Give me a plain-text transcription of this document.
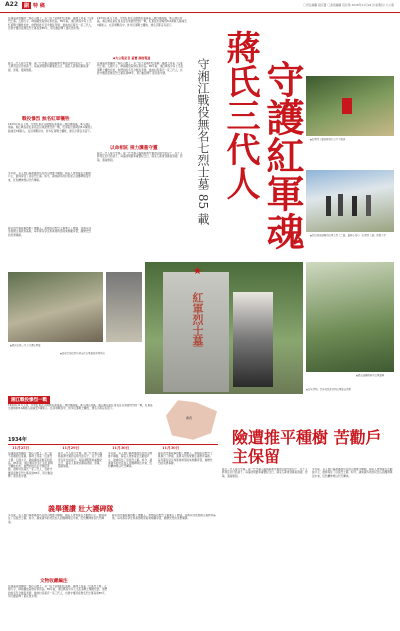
A22	副 特 稿	〇責任編輯 趙宗寶 〇美術編輯 莊民榮 2018年11月22日(星期四) 大公報
在湖南省道縣的一個小山坡上，有一座不起眼的紅軍墓。墓碑上刻着「紅軍烈士墓」五個大字，碑前擺放着鮮花和祭品。85年前，湘江戰役中有七名紅軍戰士犧牲於此，他們的姓名至今無從考證。當地村民蔣氏一家三代人，自發守護這座無名烈士墓長達85年，用行動詮釋了軍民魚水情。
1934年11月下旬，中央紅軍在突破國民黨軍第三道封鎖線後，進入湘江地區。湘江戰役是紅軍長征以來最慘烈的一戰，紅軍從出發時的8.6萬餘人銳減至3萬餘人。在這場戰役中，許多紅軍戰士犧牲，連名字都沒有留下。
◆大公報記者 黃寶 湖南報道
蔣氏三代人接力守墓。第一代守墓人臨終前將守墓的任務交給兒子，兒子又將責任託付給孫子。每逢清明節和重要紀念日，蔣家人都會到墓前清掃、祭奠，風雨無阻。
戰役慘烈 無名紅軍犧牲
1934年11月下旬，中央紅軍在突破國民黨軍第三道封鎖線後，進入湘江地區。湘江戰役是紅軍長征以來最慘烈的一戰，紅軍從出發時的8.6萬餘人銳減至3萬餘人。在這場戰役中，許多紅軍戰士犧牲，連名字都沒有留下。
多年前，有人曾打算將墓地所在的山坡推平種樹，蔣家人得知後苦苦勸說戶主，最終保住了這座烈士墓。如今，越來越多的村民加入到護碑隊伍中來，紅色精神得以代代傳承。
蔣家的守墓故事感動了無數人。當地政府對烈士墓進行了修繕，並將其列為愛國主義教育基地。每年都有學生和黨員幹部前來參觀學習，緬懷先烈的英勇事跡。
在湖南省道縣的一個小山坡上，有一座不起眼的紅軍墓。墓碑上刻着「紅軍烈士墓」五個大字，碑前擺放着鮮花和祭品。85年前，湘江戰役中有七名紅軍戰士犧牲於此，他們的姓名至今無從考證。當地村民蔣氏一家三代人，自發守護這座無名烈士墓長達85年，用行動詮釋了軍民魚水情。
以命相託 接力護墓守靈
蔣氏三代人接力守墓。第一代守墓人臨終前將守墓的任務交給兒子，兒子又將責任託付給孫子。每逢清明節和重要紀念日，蔣家人都會到墓前清掃、祭奠，風雨無阻。	守護紅軍魂
蔣氏三代人
守湘江戰役無名七烈士墓 85 載	▲紅軍烈士墓的碑刻已有不少脫落
▲位於湖南道縣的紅軍七烈士之墓，墓碑上刻有「紅軍烈士墓」四個大字
▲蔣氏家族三代人守護紅軍墓
▲湖南當地民眾自發前往紅軍墓地祭拜悼念
★
紅軍烈士墓
▲蔣忠誠撫摸無名紅軍墓碑
▲每年清明，當地村民都會到紅軍墓前祭奠
湘江戰役慘烈一戰
1934年11月下旬，中央紅軍在突破國民黨軍第三道封鎖線後，進入湘江地區。湘江戰役是紅軍長征以來最慘烈的一戰，紅軍從出發時的8.6萬餘人銳減至3萬餘人。在這場戰役中，許多紅軍戰士犧牲，連名字都沒有留下。
1934年
11月25日	11月29日	11月30日	11月30日
在湖南省道縣的一個小山坡上，有一座不起眼的紅軍墓。墓碑上刻着「紅軍烈士墓」五個大字，碑前擺放着鮮花和祭品。85年前，湘江戰役中有七名紅軍戰士犧牲於此，他們的姓名至今無從考證。當地村民蔣氏一家三代人，自發守護這座無名烈士墓長達85年，用行動詮釋了軍民魚水情。
蔣氏三代人接力守墓。第一代守墓人臨終前將守墓的任務交給兒子，兒子又將責任託付給孫子。每逢清明節和重要紀念日，蔣家人都會到墓前清掃、祭奠，風雨無阻。
多年前，有人曾打算將墓地所在的山坡推平種樹，蔣家人得知後苦苦勸說戶主，最終保住了這座烈士墓。如今，越來越多的村民加入到護碑隊伍中來，紅色精神得以代代傳承。
蔣家的守墓故事感動了無數人。當地政府對烈士墓進行了修繕，並將其列為愛國主義教育基地。每年都有學生和黨員幹部前來參觀學習，緬懷先烈的英勇事跡。
廣西
義舉獲讚 壯大護碑隊
多年前，有人曾打算將墓地所在的山坡推平種樹，蔣家人得知後苦苦勸說戶主，最終保住了這座烈士墓。如今，越來越多的村民加入到護碑隊伍中來，紅色精神得以代代傳承。
蔣家的守墓故事感動了無數人。當地政府對烈士墓進行了修繕，並將其列為愛國主義教育基地。每年都有學生和黨員幹部前來參觀學習，緬懷先烈的英勇事跡。
文物收藏編注
在湖南省道縣的一個小山坡上，有一座不起眼的紅軍墓。墓碑上刻着「紅軍烈士墓」五個大字，碑前擺放着鮮花和祭品。85年前，湘江戰役中有七名紅軍戰士犧牲於此，他們的姓名至今無從考證。當地村民蔣氏一家三代人，自發守護這座無名烈士墓長達85年，用行動詮釋了軍民魚水情。
險遭推平種樹 苦勸戶主保留
蔣氏三代人接力守墓。第一代守墓人臨終前將守墓的任務交給兒子，兒子又將責任託付給孫子。每逢清明節和重要紀念日，蔣家人都會到墓前清掃、祭奠，風雨無阻。
多年前，有人曾打算將墓地所在的山坡推平種樹，蔣家人得知後苦苦勸說戶主，最終保住了這座烈士墓。如今，越來越多的村民加入到護碑隊伍中來，紅色精神得以代代傳承。
